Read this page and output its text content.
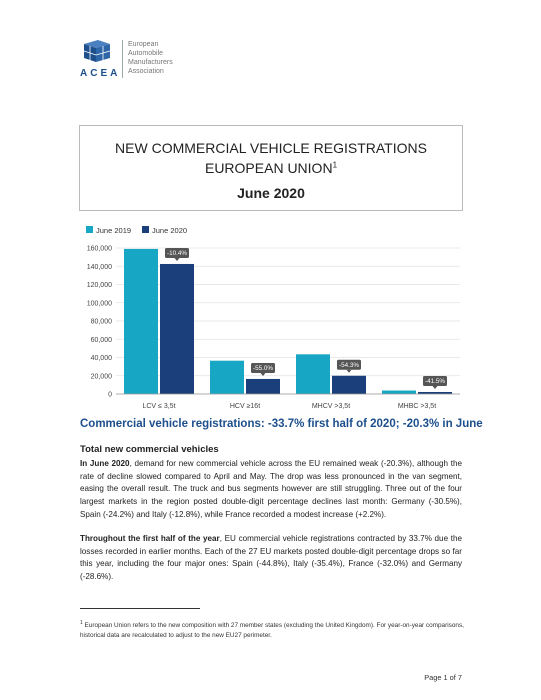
ACEA
European
Automobile
Manufacturers
Association
NEW COMMERCIAL VEHICLE REGISTRATIONS
EUROPEAN UNION$^1$
June 2020
June 2019	June 2020
0
20,000
40,000
60,000
80,000
100,000
120,000
140,000
160,000
-10.4%
LCV ≤ 3,5t
-55.0%
HCV ≥16t
-54.3%
MHCV >3,5t
-41.5%
MHBC >3,5t
Commercial vehicle registrations: -33.7% first half of 2020; -20.3% in June
Total new commercial vehicles
In June 2020, demand for new commercial vehicle across the EU remained weak (-20.3%), although the rate of decline slowed compared to April and May. The drop was less pronounced in the van segment, easing the overall result. The truck and bus segments however are still struggling. Three out of the four largest markets in the region posted double-digit percentage declines last month: Germany (-30.5%), Spain (-24.2%) and Italy (-12.8%), while France recorded a modest increase (+2.2%).
Throughout the first half of the year, EU commercial vehicle registrations contracted by 33.7% due the losses recorded in earlier months. Each of the 27 EU markets posted double-digit percentage drops so far this year, including the four major ones: Spain (-44.8%), Italy (-35.4%), France (-32.0%) and Germany (-28.6%).
$^1$ European Union refers to the new composition with 27 member states (excluding the United Kingdom). For year-on-year comparisons, historical data are recalculated to adjust to the new EU27 perimeter.
Page 1 of 7
